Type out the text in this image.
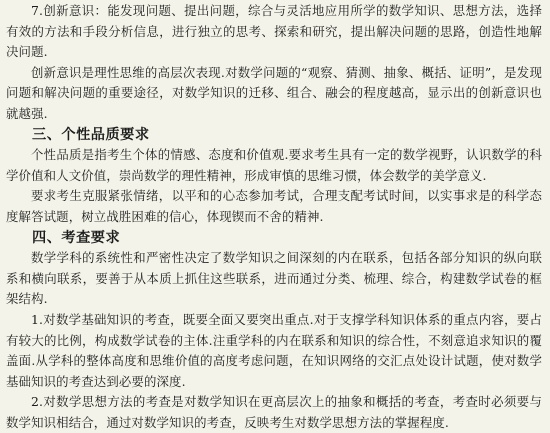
7.创新意识：能发现问题、提出问题，综合与灵活地应用所学的数学知识、思想方法，选择有效的方法和手段分析信息，进行独立的思考、探索和研究，提出解决问题的思路，创造性地解决问题.

创新意识是理性思维的高层次表现.对数学问题的“观察、猜测、抽象、概括、证明”，是发现问题和解决问题的重要途径，对数学知识的迁移、组合、融会的程度越高，显示出的创新意识也就越强.

三、个性品质要求

个性品质是指考生个体的情感、态度和价值观.要求考生具有一定的数学视野，认识数学的科学价值和人文价值，崇尚数学的理性精神，形成审慎的思维习惯，体会数学的美学意义.

要求考生克服紧张情绪，以平和的心态参加考试，合理支配考试时间，以实事求是的科学态度解答试题，树立战胜困难的信心，体现锲而不舍的精神.

四、考查要求

数学学科的系统性和严密性决定了数学知识之间深刻的内在联系，包括各部分知识的纵向联系和横向联系，要善于从本质上抓住这些联系，进而通过分类、梳理、综合，构建数学试卷的框架结构.

1.对数学基础知识的考查，既要全面又要突出重点.对于支撑学科知识体系的重点内容，要占有较大的比例，构成数学试卷的主体.注重学科的内在联系和知识的综合性，不刻意追求知识的覆盖面.从学科的整体高度和思维价值的高度考虑问题，在知识网络的交汇点处设计试题，使对数学基础知识的考查达到必要的深度.

2.对数学思想方法的考查是对数学知识在更高层次上的抽象和概括的考查，考查时必须要与数学知识相结合，通过对数学知识的考查，反映考生对数学思想方法的掌握程度.
